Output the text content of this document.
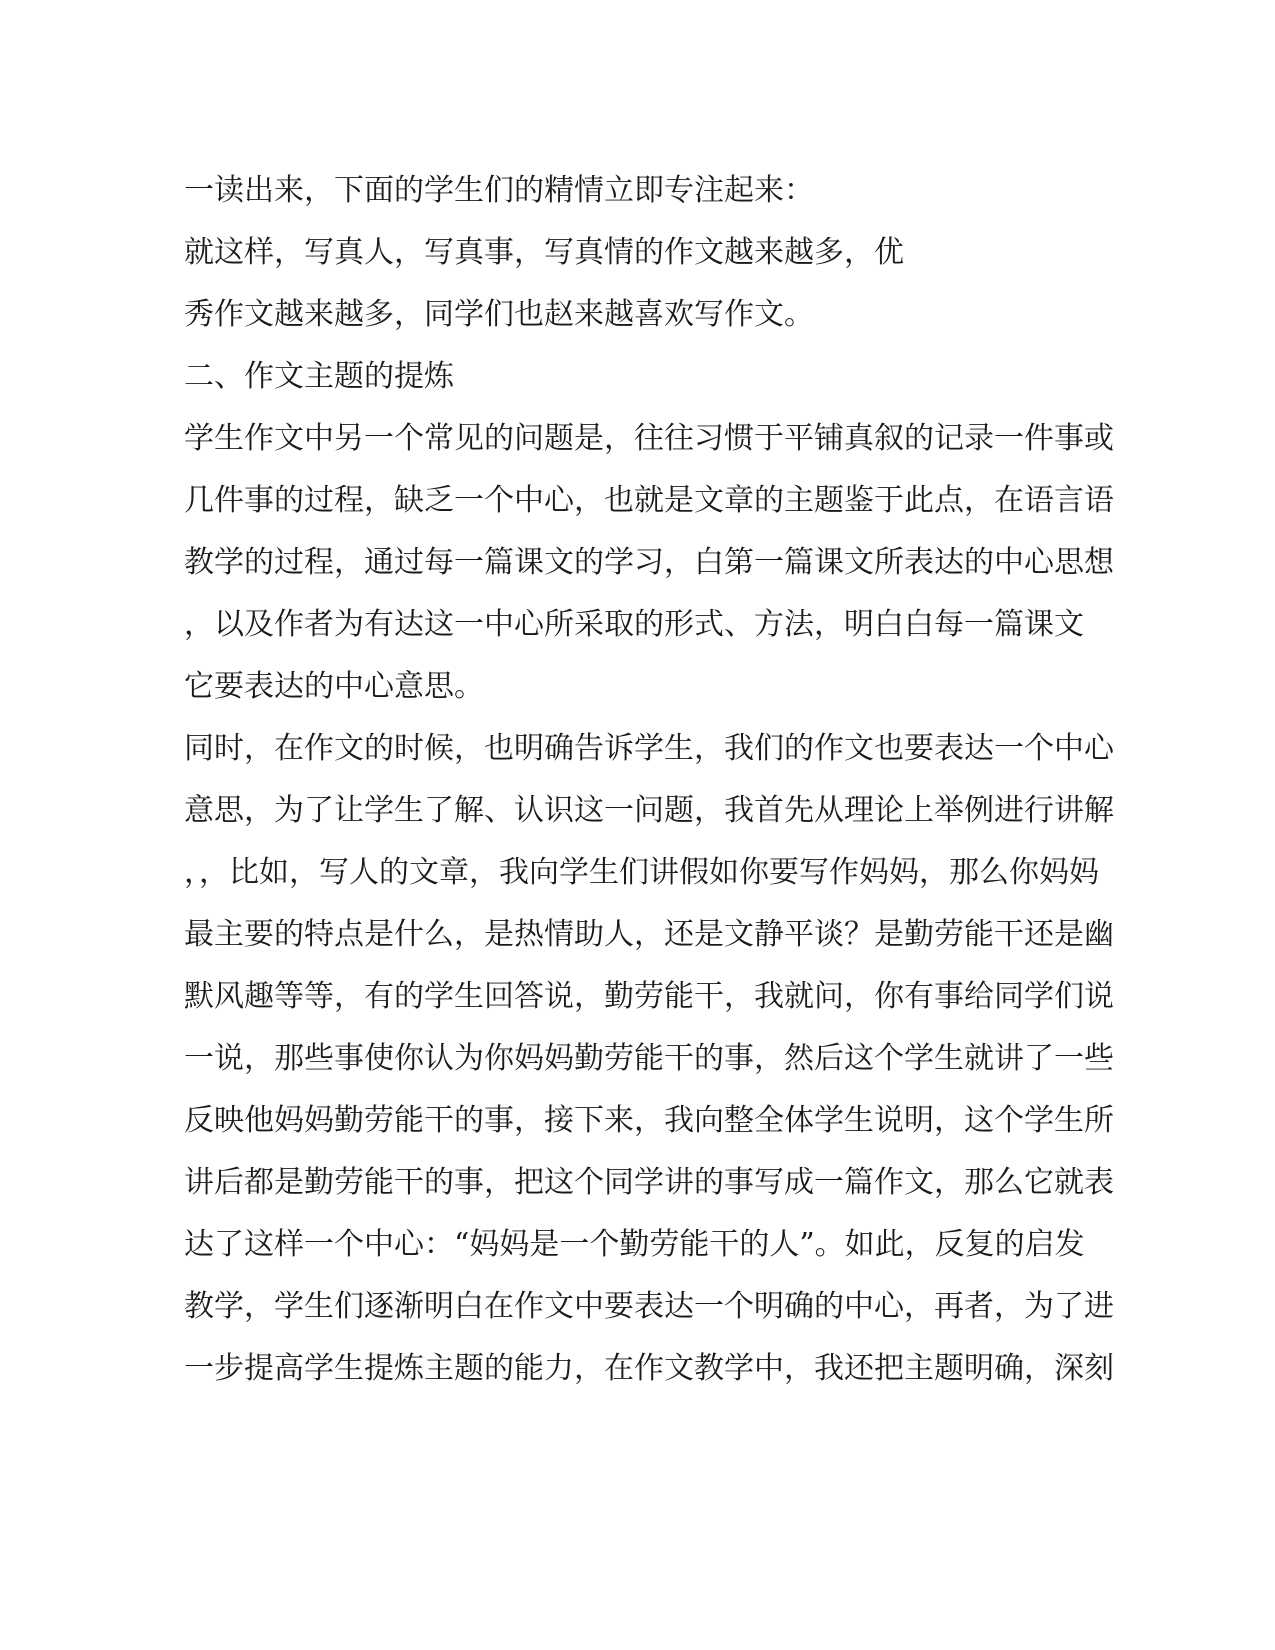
一读出来，下面的学生们的精情立即专注起来：
就这样，写真人，写真事，写真情的作文越来越多，优
秀作文越来越多，同学们也赵来越喜欢写作文。
二、作文主题的提炼
学生作文中另一个常见的问题是，往往习惯于平铺真叙的记录一件事或
几件事的过程，缺乏一个中心，也就是文章的主题鉴于此点，在语言语
教学的过程，通过每一篇课文的学习，白第一篇课文所表达的中心思想
，以及作者为有达这一中心所采取的形式、方法，明白白每一篇课文
它要表达的中心意思。
同时，在作文的时候，也明确告诉学生，我们的作文也要表达一个中心
意思，为了让学生了解、认识这一问题，我首先从理论上举例进行讲解
，，比如，写人的文章，我向学生们讲假如你要写作妈妈，那么你妈妈
最主要的特点是什么，是热情助人，还是文静平谈？是勤劳能干还是幽
默风趣等等，有的学生回答说，勤劳能干，我就问，你有事给同学们说
一说，那些事使你认为你妈妈勤劳能干的事，然后这个学生就讲了一些
反映他妈妈勤劳能干的事，接下来，我向整全体学生说明，这个学生所
讲后都是勤劳能干的事，把这个同学讲的事写成一篇作文，那么它就表
达了这样一个中心：“妈妈是一个勤劳能干的人”。如此，反复的启发
教学，学生们逐渐明白在作文中要表达一个明确的中心，再者，为了进
一步提高学生提炼主题的能力，在作文教学中，我还把主题明确，深刻
